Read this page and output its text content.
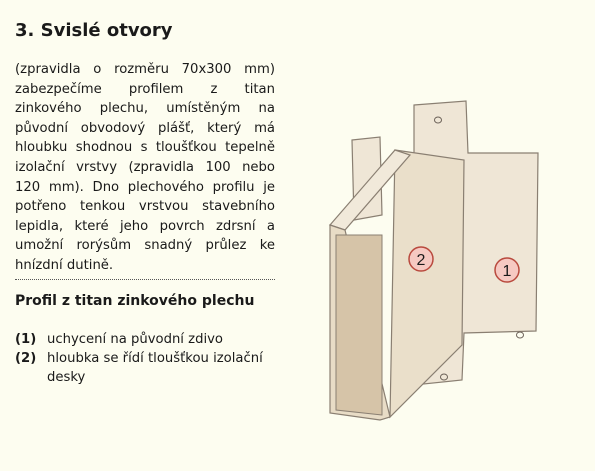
3. Svislé otvory

(zpravidla o rozměru 70x300 mm) zabezpečíme profilem z titan zinkového plechu, umístěným na původní obvodový plášť, který má hloubku shodnou s tloušťkou tepelně izolační vrstvy (zpravidla 100 nebo 120 mm). Dno plechového profilu je potřeno tenkou vrstvou stavebního lepidla, které jeho povrch zdrsní a umožní rorýsům snadný průlez ke hnízdní dutině.

Profil z titan zinkového plechu
(1) uchycení na původní zdivo
(2) hloubka se řídí tloušťkou izolační desky
2
1
